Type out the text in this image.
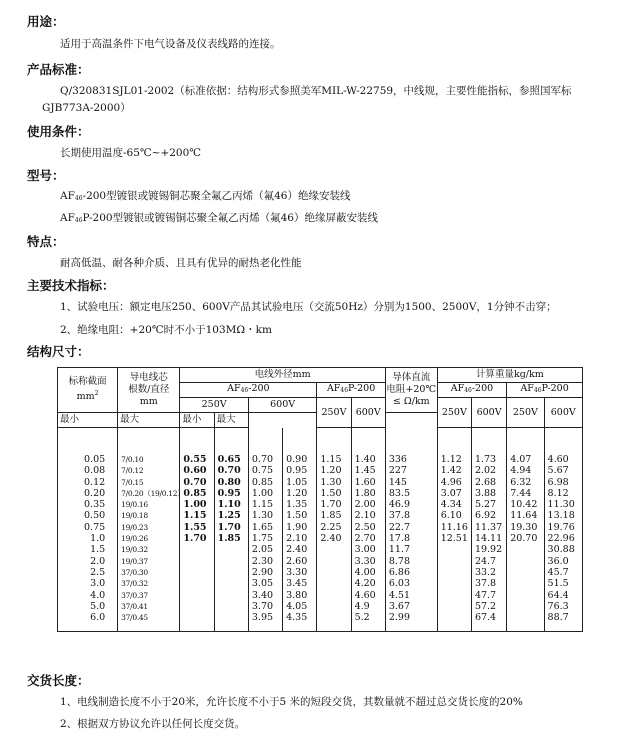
用途：
适用于高温条件下电气设备及仪表线路的连接。
产品标准：
Q/320831SJL01-2002（标准依据：结构形式参照美军MIL-W-22759，中线规，主要性能指标，参照国军标
GJB773A-2000）
使用条件：
长期使用温度-65℃~+200℃
型号：
$AF_{46}-200$型镀银或镀锡铜芯聚全氟乙丙烯（氟46）绝缘安装线
$AF_{46}P-200$型镀银或镀锡铜芯聚全氟乙丙烯（氟46）绝缘屏蔽安装线
特点：
耐高低温、耐各种介质、且具有优异的耐热老化性能
主要技术指标：
1、试验电压：额定电压250、600V产品其试验电压（交流50Hz）分别为1500、2500V，1分钟不击穿；
2、绝缘电阻：+20℃时不小于103MΩ・km
结构尺寸：
标称截面
$mm^2$	导电线芯
根数/直径
mm	电线外径mm						导体直流
电阻+20℃
≤ Ω/km	计算重量kg/km			
		$AF_{46}-200$				$AF_{46}P-200$			$AF_{46}-200$		$AF_{46}P-200$	
		250V		600V		250V	600V		250V	600V	250V	600V
最小	最大	最小	最大									
0.05	7/0.10	0.55	0.65	0.70	0.90	1.15	1.40	336	1.12	1.73	4.07	4.60
0.08	7/0.12	0.60	0.70	0.75	0.95	1.20	1.45	227	1.42	2.02	4.94	5.67
0.12	7/0.15	0.70	0.80	0.85	1.05	1.30	1.60	145	4.96	2.68	6.32	6.98
0.20	7/0.20（19/0.12）	0.85	0.95	1.00	1.20	1.50	1.80	83.5	3.07	3.88	7.44	8.12
0.35	19/0.16	1.00	1.10	1.15	1.35	1.70	2.00	46.9	4.34	5.27	10.42	11.30
0.50	19/0.18	1.15	1.25	1.30	1.50	1.85	2.10	37.8	6.10	6.92	11.64	13.18
0.75	19/0.23	1.55	1.70	1.65	1.90	2.25	2.50	22.7	11.16	11.37	19.30	19.76
1.0	19/0.26	1.70	1.85	1.75	2.10	2.40	2.70	17.8	12.51	14.11	20.70	22.96
1.5	19/0.32			2.05	2.40		3.00	11.7		19.92		30.88
2.0	19/0.37			2.30	2.60		3.30	8.78		24.7		36.0
2.5	37/0.30			2.90	3.30		4.00	6.86		33.2		45.7
3.0	37/0.32			3.05	3.45		4.20	6.03		37.8		51.5
4.0	37/0.37			3.40	3.80		4.60	4.51		47.7		64.4
5.0	37/0.41			3.70	4.05		4.9	3.67		57.2		76.3
6.0	37/0.45			3.95	4.35		5.2	2.99		67.4		88.7
交货长度：
1、电线制造长度不小于20米，允许长度不小于5 米的短段交货，其数量就不超过总交货长度的20%
2、根据双方协议允许以任何长度交货。
